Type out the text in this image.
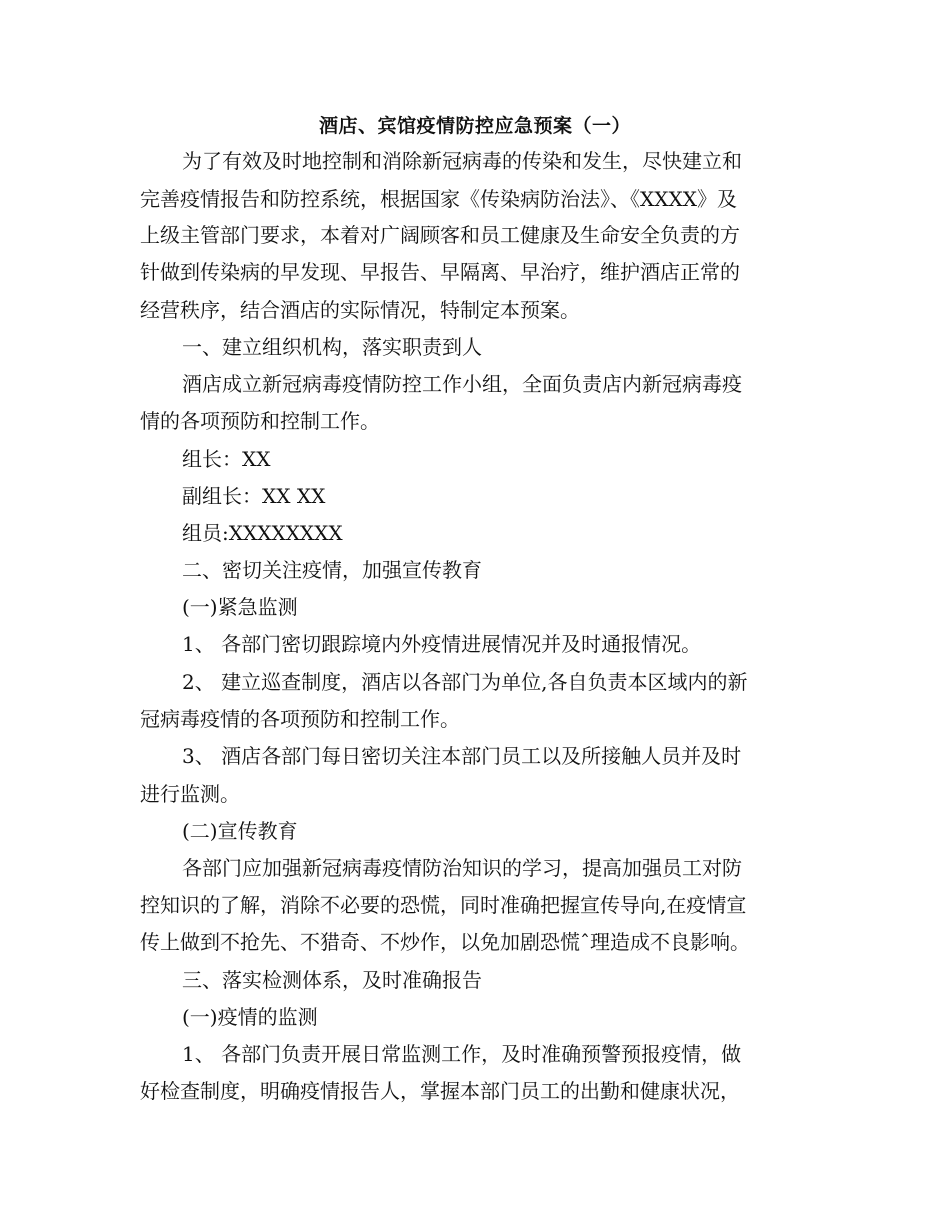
酒店、宾馆疫情防控应急预案（一）
为了有效及时地控制和消除新冠病毒的传染和发生，尽快建立和
完善疫情报告和防控系统，根据国家《传染病防治法》、《XXXX》及
上级主管部门要求，本着对广阔顾客和员工健康及生命安全负责的方
针做到传染病的早发现、早报告、早隔离、早治疗，维护酒店正常的
经营秩序，结合酒店的实际情况，特制定本预案。
一、建立组织机构，落实职责到人
酒店成立新冠病毒疫情防控工作小组，全面负责店内新冠病毒疫
情的各项预防和控制工作。
组长：XX
副组长：XX XX
组员:XXXXXXXX
二、密切关注疫情，加强宣传教育
(一)紧急监测
1、 各部门密切跟踪境内外疫情进展情况并及时通报情况。
2、 建立巡查制度，酒店以各部门为单位,各自负责本区域内的新
冠病毒疫情的各项预防和控制工作。
3、 酒店各部门每日密切关注本部门员工以及所接触人员并及时
进行监测。
(二)宣传教育
各部门应加强新冠病毒疫情防治知识的学习，提高加强员工对防
控知识的了解，消除不必要的恐慌，同时准确把握宣传导向,在疫情宣
传上做到不抢先、不猎奇、不炒作，以免加剧恐慌ˆ理造成不良影响。
三、落实检测体系，及时准确报告
(一)疫情的监测
1、 各部门负责开展日常监测工作，及时准确预警预报疫情，做
好检查制度，明确疫情报告人，掌握本部门员工的出勤和健康状况，
